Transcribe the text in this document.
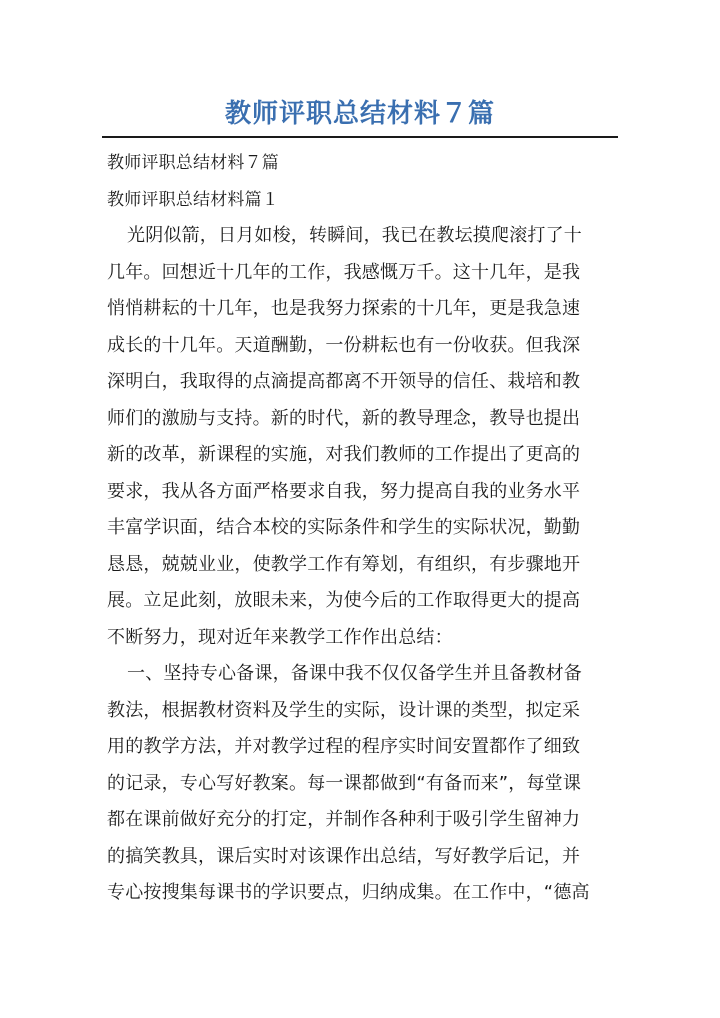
教师评职总结材料７篇
教师评职总结材料７篇
教师评职总结材料篇１
光阴似箭，日月如梭，转瞬间，我已在教坛摸爬滚打了十
几年。回想近十几年的工作，我感慨万千。这十几年，是我
悄悄耕耘的十几年，也是我努力探索的十几年，更是我急速
成长的十几年。天道酬勤，一份耕耘也有一份收获。但我深
深明白，我取得的点滴提高都离不开领导的信任、栽培和教
师们的激励与支持。新的时代，新的教导理念，教导也提出
新的改革，新课程的实施，对我们教师的工作提出了更高的
要求，我从各方面严格要求自我，努力提高自我的业务水平
丰富学识面，结合本校的实际条件和学生的实际状况，勤勤
恳恳，兢兢业业，使教学工作有筹划，有组织，有步骤地开
展。立足此刻，放眼未来，为使今后的工作取得更大的提高
不断努力，现对近年来教学工作作出总结：
一、坚持专心备课，备课中我不仅仅备学生并且备教材备
教法，根据教材资料及学生的实际，设计课的类型，拟定采
用的教学方法，并对教学过程的程序实时间安置都作了细致
的记录，专心写好教案。每一课都做到“有备而来”，每堂课
都在课前做好充分的打定，并制作各种利于吸引学生留神力
的搞笑教具，课后实时对该课作出总结，写好教学后记，并
专心按搜集每课书的学识要点，归纳成集。在工作中，“德高
